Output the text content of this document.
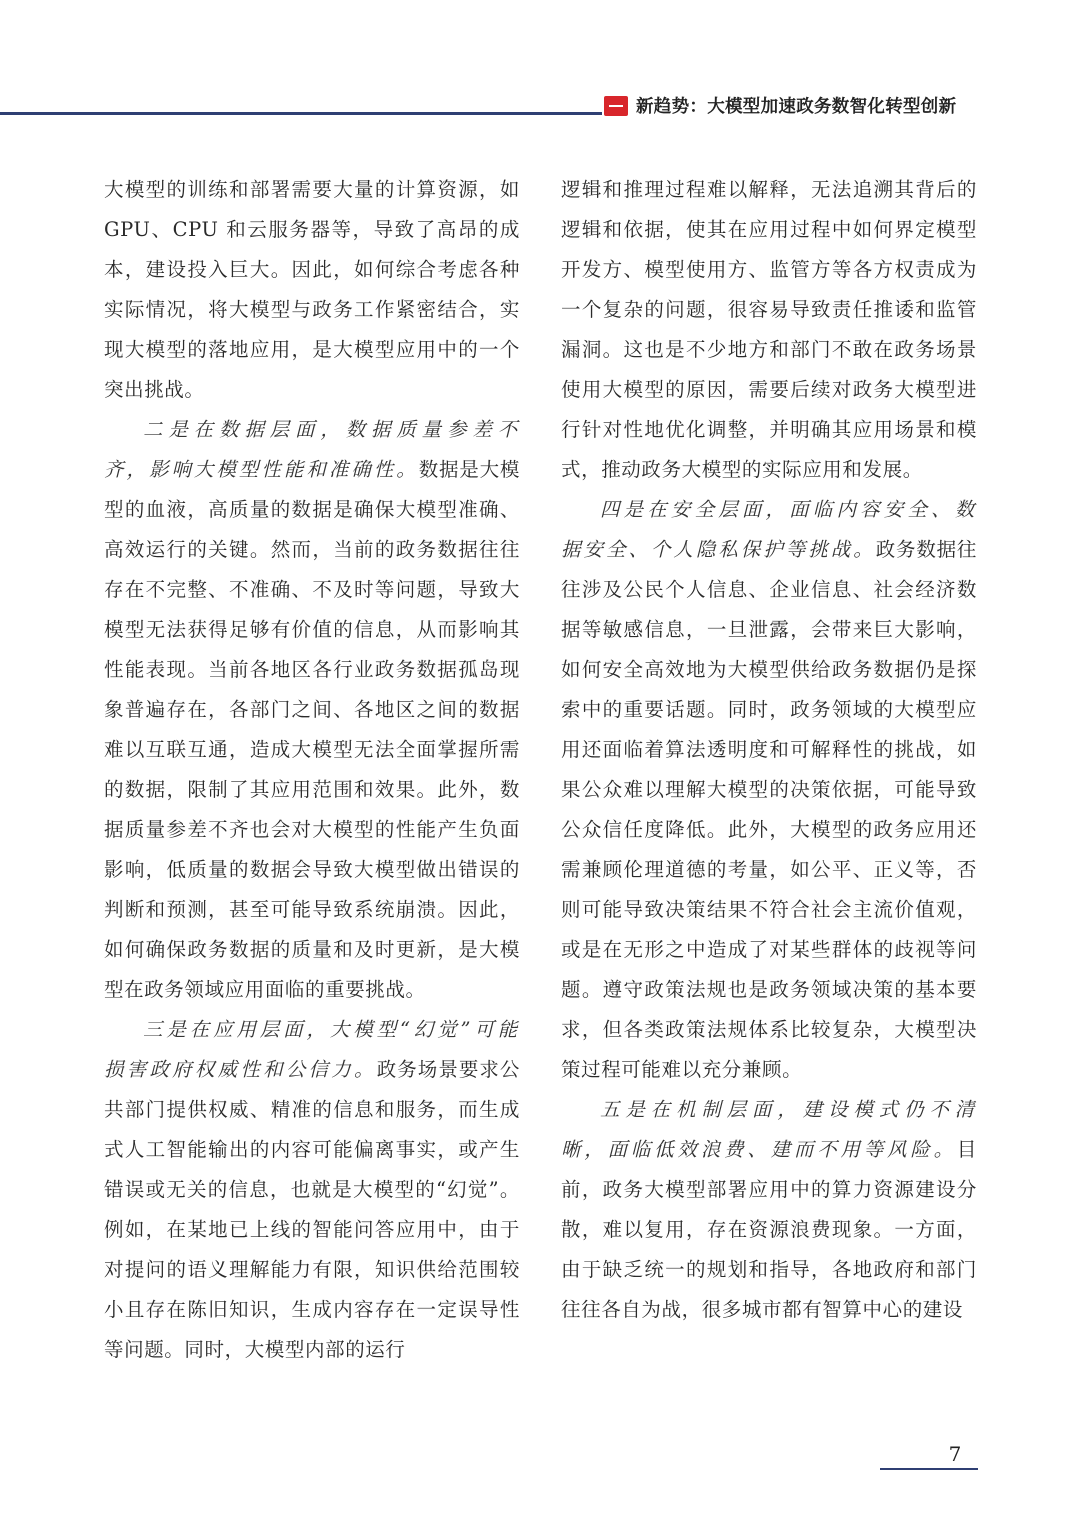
新趋势：大模型加速政务数智化转型创新

大模型的训练和部署需要大量的计算资源，如 GPU、CPU 和云服务器等，导致了高昂的成本，建设投入巨大。因此，如何综合考虑各种实际情况，将大模型与政务工作紧密结合，实现大模型的落地应用，是大模型应用中的一个突出挑战。

二是在数据层面，数据质量参差不齐，影响大模型性能和准确性。数据是大模型的血液，高质量的数据是确保大模型准确、高效运行的关键。然而，当前的政务数据往往存在不完整、不准确、不及时等问题，导致大模型无法获得足够有价值的信息，从而影响其性能表现。当前各地区各行业政务数据孤岛现象普遍存在，各部门之间、各地区之间的数据难以互联互通，造成大模型无法全面掌握所需的数据，限制了其应用范围和效果。此外，数据质量参差不齐也会对大模型的性能产生负面影响，低质量的数据会导致大模型做出错误的判断和预测，甚至可能导致系统崩溃。因此，如何确保政务数据的质量和及时更新，是大模型在政务领域应用面临的重要挑战。

三是在应用层面，大模型“幻觉”可能损害政府权威性和公信力。政务场景要求公共部门提供权威、精准的信息和服务，而生成式人工智能输出的内容可能偏离事实，或产生错误或无关的信息，也就是大模型的“幻觉”。例如，在某地已上线的智能问答应用中，由于对提问的语义理解能力有限，知识供给范围较小且存在陈旧知识，生成内容存在一定误导性等问题。同时，大模型内部的运行

逻辑和推理过程难以解释，无法追溯其背后的逻辑和依据，使其在应用过程中如何界定模型开发方、模型使用方、监管方等各方权责成为一个复杂的问题，很容易导致责任推诿和监管漏洞。这也是不少地方和部门不敢在政务场景使用大模型的原因，需要后续对政务大模型进行针对性地优化调整，并明确其应用场景和模式，推动政务大模型的实际应用和发展。

四是在安全层面，面临内容安全、数据安全、个人隐私保护等挑战。政务数据往往涉及公民个人信息、企业信息、社会经济数据等敏感信息，一旦泄露，会带来巨大影响，如何安全高效地为大模型供给政务数据仍是探索中的重要话题。同时，政务领域的大模型应用还面临着算法透明度和可解释性的挑战，如果公众难以理解大模型的决策依据，可能导致公众信任度降低。此外，大模型的政务应用还需兼顾伦理道德的考量，如公平、正义等，否则可能导致决策结果不符合社会主流价值观，或是在无形之中造成了对某些群体的歧视等问题。遵守政策法规也是政务领域决策的基本要求，但各类政策法规体系比较复杂，大模型决策过程可能难以充分兼顾。

五是在机制层面，建设模式仍不清晰，面临低效浪费、建而不用等风险。目前，政务大模型部署应用中的算力资源建设分散，难以复用，存在资源浪费现象。一方面，由于缺乏统一的规划和指导，各地政府和部门往往各自为战，很多城市都有智算中心的建设

7
